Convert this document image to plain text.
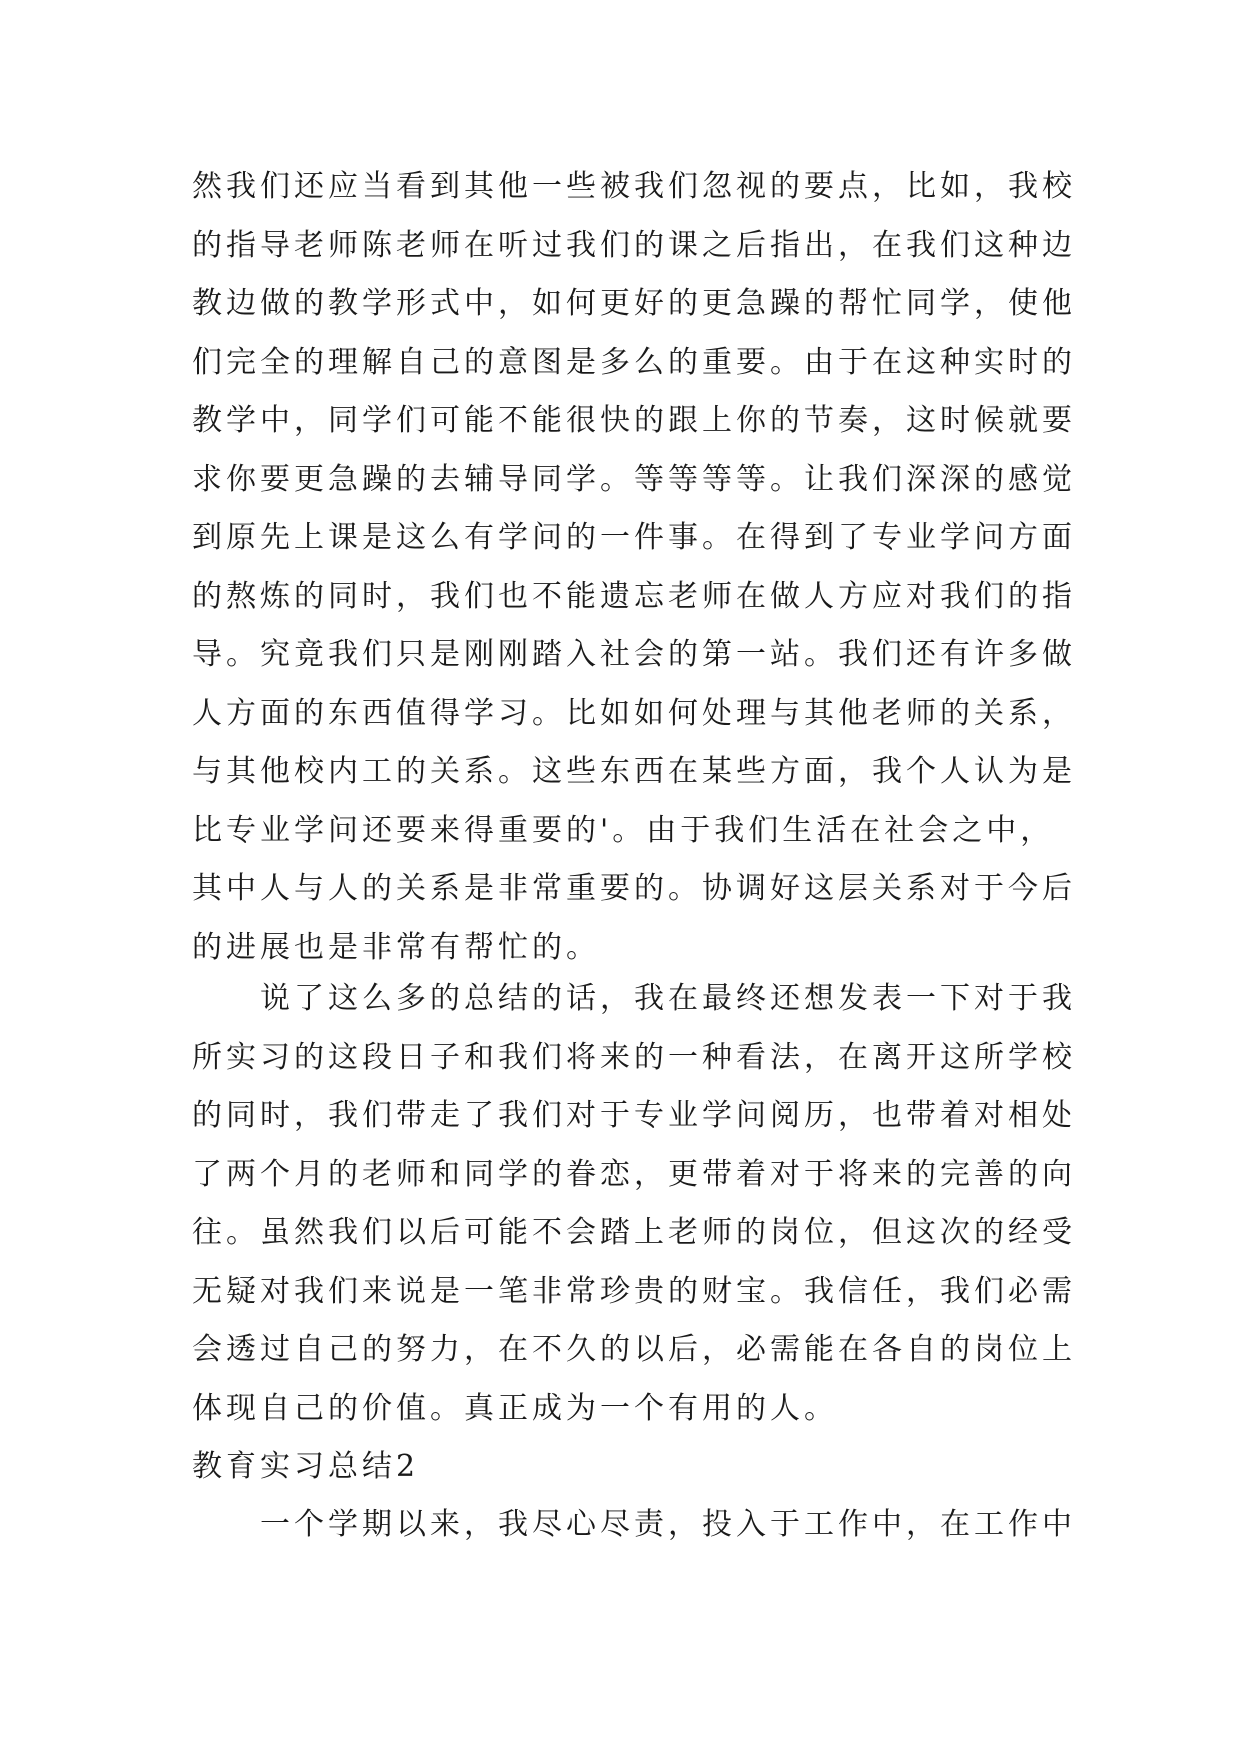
然我们还应当看到其他一些被我们忽视的要点，比如，我校
的指导老师陈老师在听过我们的课之后指出，在我们这种边
教边做的教学形式中，如何更好的更急躁的帮忙同学，使他
们完全的理解自己的意图是多么的重要。由于在这种实时的
教学中，同学们可能不能很快的跟上你的节奏，这时候就要
求你要更急躁的去辅导同学。等等等等。让我们深深的感觉
到原先上课是这么有学问的一件事。在得到了专业学问方面
的熬炼的同时，我们也不能遗忘老师在做人方应对我们的指
导。究竟我们只是刚刚踏入社会的第一站。我们还有许多做
人方面的东西值得学习。比如如何处理与其他老师的关系，
与其他校内工的关系。这些东西在某些方面，我个人认为是
比专业学问还要来得重要的'。由于我们生活在社会之中，
其中人与人的关系是非常重要的。协调好这层关系对于今后
的进展也是非常有帮忙的。
说了这么多的总结的话，我在最终还想发表一下对于我
所实习的这段日子和我们将来的一种看法，在离开这所学校
的同时，我们带走了我们对于专业学问阅历，也带着对相处
了两个月的老师和同学的眷恋，更带着对于将来的完善的向
往。虽然我们以后可能不会踏上老师的岗位，但这次的经受
无疑对我们来说是一笔非常珍贵的财宝。我信任，我们必需
会透过自己的努力，在不久的以后，必需能在各自的岗位上
体现自己的价值。真正成为一个有用的人。
教育实习总结2
一个学期以来，我尽心尽责，投入于工作中，在工作中
